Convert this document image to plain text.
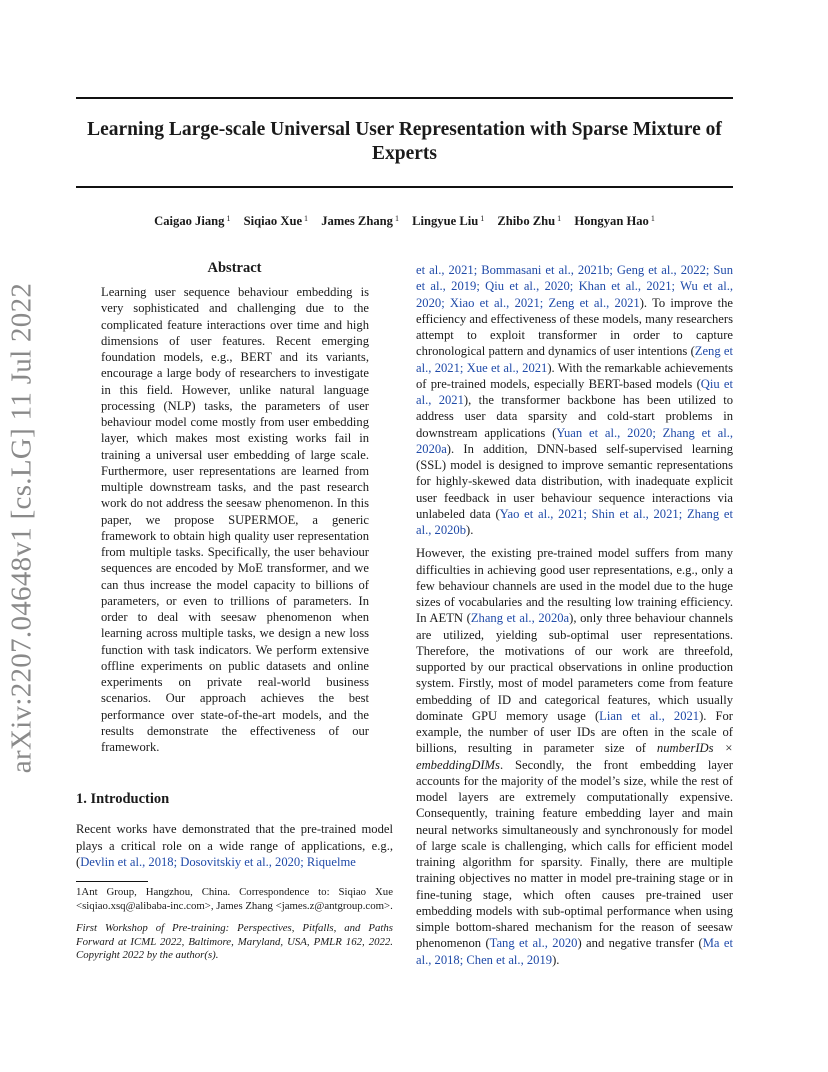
Learning Large-scale Universal User Representation with Sparse Mixture of Experts
Caigao Jiang $^1$ Siqiao Xue $^1$ James Zhang $^1$ Lingyue Liu $^1$ Zhibo Zhu $^1$ Hongyan Hao $^1$
arXiv:2207.04648v1 [cs.LG] 11 Jul 2022
Abstract

Learning user sequence behaviour embedding is very sophisticated and challenging due to the complicated feature interactions over time and high dimensions of user features. Recent emerging foundation models, e.g., BERT and its variants, encourage a large body of researchers to investigate in this field. However, unlike natural language processing (NLP) tasks, the parameters of user behaviour model come mostly from user embedding layer, which makes most existing works fail in training a universal user embedding of large scale. Furthermore, user representations are learned from multiple downstream tasks, and the past research work do not address the seesaw phenomenon. In this paper, we propose SUPERMOE, a generic framework to obtain high quality user representation from multiple tasks. Specifically, the user behaviour sequences are encoded by MoE transformer, and we can thus increase the model capacity to billions of parameters, or even to trillions of parameters. In order to deal with seesaw phenomenon when learning across multiple tasks, we design a new loss function with task indicators. We perform extensive offline experiments on public datasets and online experiments on private real-world business scenarios. Our approach achieves the best performance over state-of-the-art models, and the results demonstrate the effectiveness of our framework.

1. Introduction

Recent works have demonstrated that the pre-trained model plays a critical role on a wide range of applications, e.g., (Devlin et al., 2018; Dosovitskiy et al., 2020; Riquelme

1Ant Group, Hangzhou, China. Correspondence to: Siqiao Xue <siqiao.xsq@alibaba-inc.com>, James Zhang <james.z@antgroup.com>.

First Workshop of Pre-training: Perspectives, Pitfalls, and Paths Forward at ICML 2022, Baltimore, Maryland, USA, PMLR 162, 2022. Copyright 2022 by the author(s).

et al., 2021; Bommasani et al., 2021b; Geng et al., 2022; Sun et al., 2019; Qiu et al., 2020; Khan et al., 2021; Wu et al., 2020; Xiao et al., 2021; Zeng et al., 2021). To improve the efficiency and effectiveness of these models, many researchers attempt to exploit transformer in order to capture chronological pattern and dynamics of user intentions (Zeng et al., 2021; Xue et al., 2021). With the remarkable achievements of pre-trained models, especially BERT-based models (Qiu et al., 2021), the transformer backbone has been utilized to address user data sparsity and cold-start problems in downstream applications (Yuan et al., 2020; Zhang et al., 2020a). In addition, DNN-based self-supervised learning (SSL) model is designed to improve semantic representations for highly-skewed data distribution, with inadequate explicit user feedback in user behaviour sequence interactions via unlabeled data (Yao et al., 2021; Shin et al., 2021; Zhang et al., 2020b).

However, the existing pre-trained model suffers from many difficulties in achieving good user representations, e.g., only a few behaviour channels are used in the model due to the huge sizes of vocabularies and the resulting low training efficiency. In AETN (Zhang et al., 2020a), only three behaviour channels are utilized, yielding sub-optimal user representations. Therefore, the motivations of our work are threefold, supported by our practical observations in online production system. Firstly, most of model parameters come from feature embedding of ID and categorical features, which usually dominate GPU memory usage (Lian et al., 2021). For example, the number of user IDs are often in the scale of billions, resulting in parameter size of numberIDs × embeddingDIMs. Secondly, the front embedding layer accounts for the majority of the model’s size, while the rest of model layers are extremely computationally expensive. Consequently, training feature embedding layer and main neural networks simultaneously and synchronously for model of large scale is challenging, which calls for efficient model training algorithm for sparsity. Finally, there are multiple training objectives no matter in model pre-training stage or in fine-tuning stage, which often causes pre-trained user embedding models with sub-optimal performance when using simple bottom-shared mechanism for the reason of seesaw phenomenon (Tang et al., 2020) and negative transfer (Ma et al., 2018; Chen et al., 2019).
